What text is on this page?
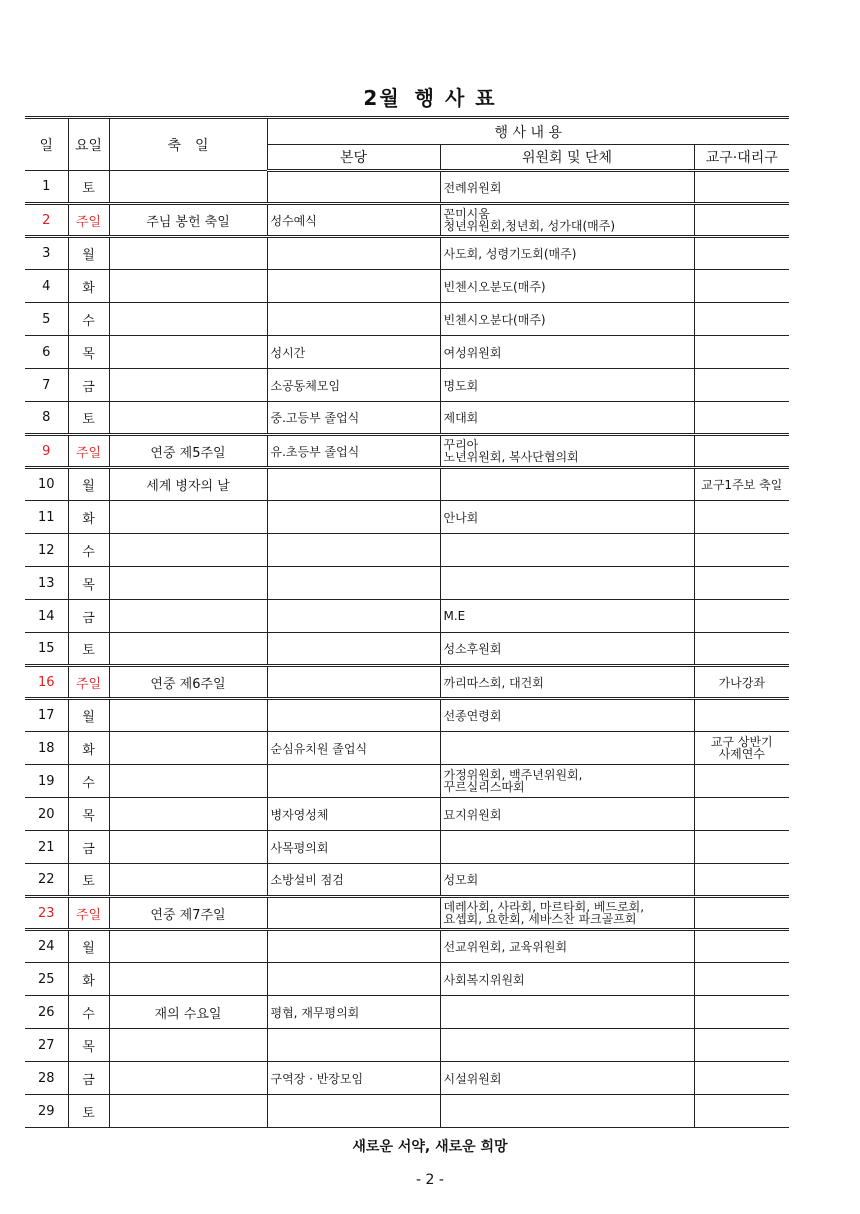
2월 행 사 표
일	요일	축　일	행 사 내 용		
			본당	위원회 및 단체	교구·대리구
1	토			전례위원회	
2	주일	주님 봉헌 축일	성수예식	꼰미시움
청년위원회,청년회, 성가대(매주)	
3	월			사도회, 성령기도회(매주)	
4	화			빈첸시오분도(매주)	
5	수			빈첸시오분다(매주)	
6	목		성시간	여성위원회	
7	금		소공동체모임	명도회	
8	토		중.고등부 졸업식	제대회	
9	주일	연중 제5주일	유.초등부 졸업식	꾸리아
노년위원회, 복사단협의회	
10	월	세계 병자의 날			교구1주보 축일
11	화			안나회	
12	수				
13	목				
14	금			M.E	
15	토			성소후원회	
16	주일	연중 제6주일		까리따스회, 대건회	가나강좌
17	월			선종연령회	
18	화		순심유치원 졸업식		교구 상반기
사제연수
19	수			가정위원회, 백주년위원회,
꾸르실리스따회	
20	목		병자영성체	묘지위원회	
21	금		사목평의회		
22	토		소방설비 점검	성모회	
23	주일	연중 제7주일		데레사회, 사라회, 마르타회, 베드로회,
요셉회, 요한회, 세바스찬 파크골프회	
24	월			선교위원회, 교육위원회	
25	화			사회복지위원회	
26	수	재의 수요일	평협, 재무평의회		
27	목				
28	금		구역장 · 반장모임	시설위원회	
29	토				
새로운 서약, 새로운 희망
- 2 -
